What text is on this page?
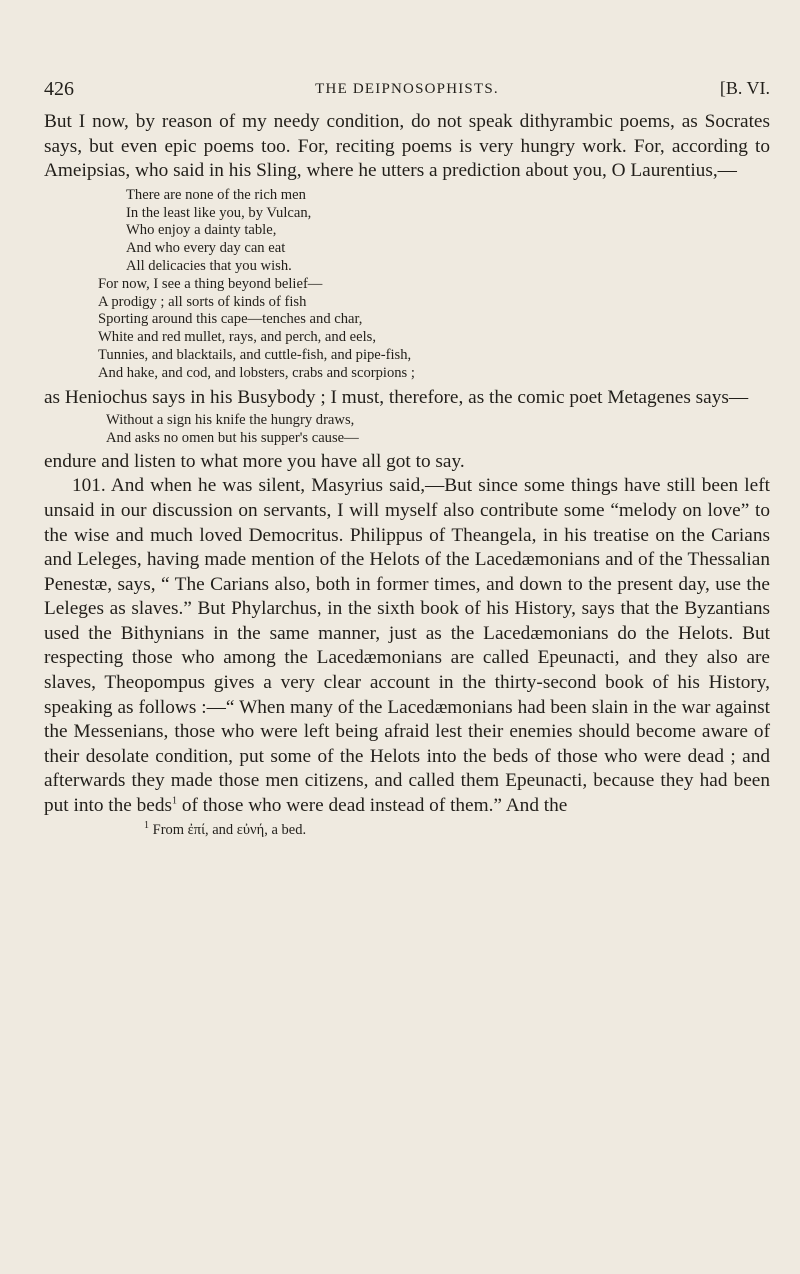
426	THE DEIPNOSOPHISTS.	[B. VI.

But I now, by reason of my needy condition, do not speak dithyrambic poems, as Socrates says, but even epic poems too. For, reciting poems is very hungry work. For, according to Ameipsias, who said in his Sling, where he utters a prediction about you, O Laurentius,—

There are none of the rich men
In the least like you, by Vulcan,
Who enjoy a dainty table,
And who every day can eat
All delicacies that you wish.
For now, I see a thing beyond belief—
A prodigy ; all sorts of kinds of fish
Sporting around this cape—tenches and char,
White and red mullet, rays, and perch, and eels,
Tunnies, and blacktails, and cuttle-fish, and pipe-fish,
And hake, and cod, and lobsters, crabs and scorpions ;

as Heniochus says in his Busybody ; I must, therefore, as the comic poet Metagenes says—

Without a sign his knife the hungry draws,
And asks no omen but his supper's cause—

endure and listen to what more you have all got to say.

101. And when he was silent, Masyrius said,—But since some things have still been left unsaid in our discussion on servants, I will myself also contribute some “melody on love” to the wise and much loved Democritus. Philippus of Theangela, in his treatise on the Carians and Leleges, having made mention of the Helots of the Lacedæmonians and of the Thessalian Penestæ, says, “ The Carians also, both in former times, and down to the present day, use the Leleges as slaves.” But Phylarchus, in the sixth book of his History, says that the Byzantians used the Bithynians in the same manner, just as the Lacedæmonians do the Helots. But respecting those who among the Lacedæmonians are called Epeunacti, and they also are slaves, Theopompus gives a very clear account in the thirty-second book of his History, speaking as follows :—“ When many of the Lacedæmonians had been slain in the war against the Messenians, those who were left being afraid lest their enemies should become aware of their desolate condition, put some of the Helots into the beds of those who were dead ; and afterwards they made those men citizens, and called them Epeunacti, because they had been put into the beds$^1$ of those who were dead instead of them.” And the

$^1$ From ἐπί, and εὐνή, a bed.
